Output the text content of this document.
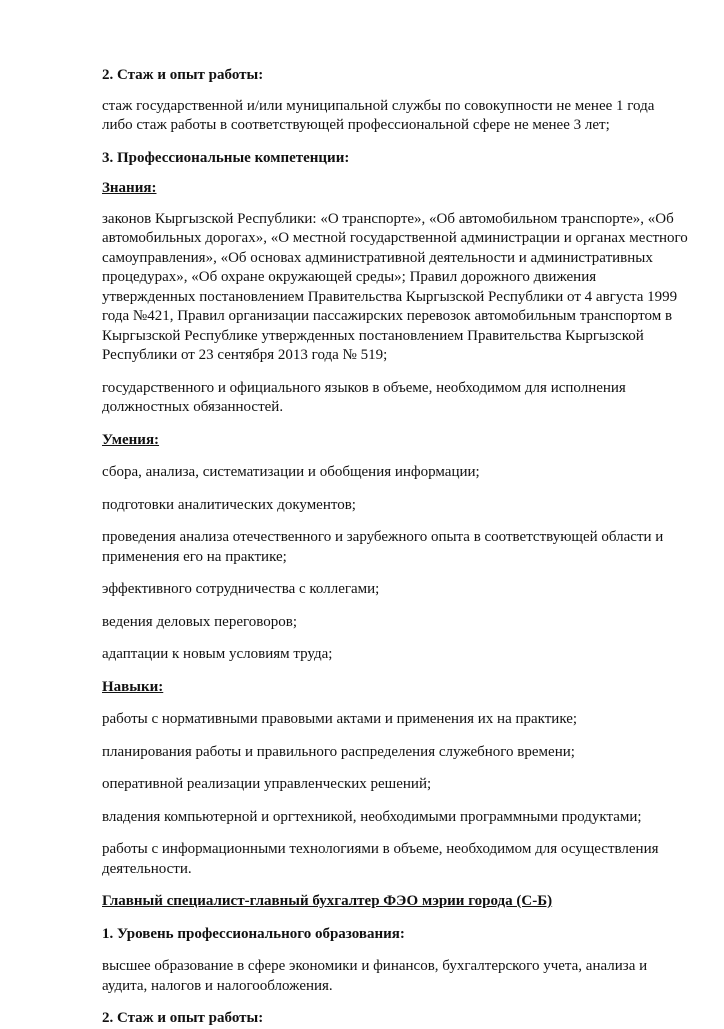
2. Стаж и опыт работы:

стаж государственной и/или муниципальной службы по совокупности не менее 1 года
либо стаж работы в соответствующей профессиональной сфере не менее 3 лет;

3. Профессиональные компетенции:

Знания:

законов Кыргызской Республики: «О транспорте», «Об автомобильном транспорте», «Об
автомобильных дорогах», «О местной государственной администрации и органах местного
самоуправления», «Об основах административной деятельности и административных
процедурах», «Об охране окружающей среды»; Правил дорожного движения
утвержденных постановлением Правительства Кыргызской Республики от 4 августа 1999
года №421, Правил организации пассажирских перевозок автомобильным транспортом в
Кыргызской Республике утвержденных постановлением Правительства Кыргызской
Республики от 23 сентября 2013 года № 519;

государственного и официального языков в объеме, необходимом для исполнения
должностных обязанностей.

Умения:

сбора, анализа, систематизации и обобщения информации;

подготовки аналитических документов;

проведения анализа отечественного и зарубежного опыта в соответствующей области и
применения его на практике;

эффективного сотрудничества с коллегами;

ведения деловых переговоров;

адаптации к новым условиям труда;

Навыки:

работы с нормативными правовыми актами и применения их на практике;

планирования работы и правильного распределения служебного времени;

оперативной реализации управленческих решений;

владения компьютерной и оргтехникой, необходимыми программными продуктами;

работы с информационными технологиями в объеме, необходимом для осуществления
деятельности.

Главный специалист-главный бухгалтер ФЭО мэрии города (С-Б)

1. Уровень профессионального образования:

высшее образование в сфере экономики и финансов, бухгалтерского учета, анализа и
аудита, налогов и налогообложения.

2. Стаж и опыт работы:
